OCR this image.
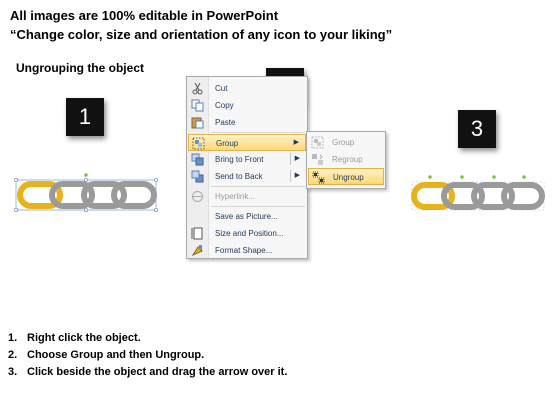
All images are 100% editable in PowerPoint
“Change color, size and orientation of any icon to your liking”
Ungrouping the object
1	3
Cut
Copy
Paste
Group	▶
Bring to Front	▶
Send to Back	▶
Hyperlink...
Save as Picture...
Size and Position...
Format Shape...
Group
Regroup
Ungroup
1. Right click the object.
2. Choose Group and then Ungroup.
3. Click beside the object and drag the arrow over it.
